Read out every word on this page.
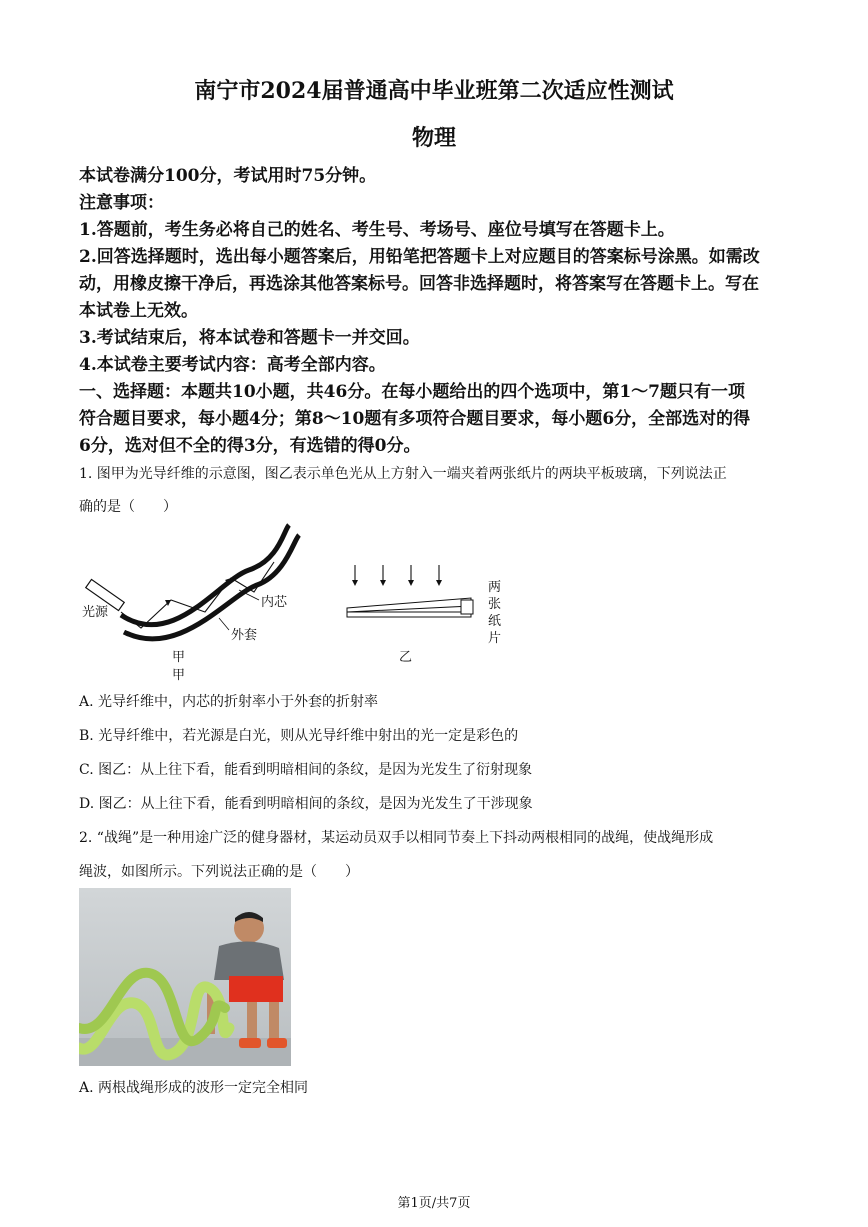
南宁市2024届普通高中毕业班第二次适应性测试
物理
本试卷满分100分，考试用时75分钟。
注意事项：
1.答题前，考生务必将自己的姓名、考生号、考场号、座位号填写在答题卡上。
2.回答选择题时，选出每小题答案后，用铅笔把答题卡上对应题目的答案标号涂黑。如需改
动，用橡皮擦干净后，再选涂其他答案标号。回答非选择题时，将答案写在答题卡上。写在
本试卷上无效。
3.考试结束后，将本试卷和答题卡一并交回。
4.本试卷主要考试内容：高考全部内容。
一、选择题：本题共10小题，共46分。在每小题给出的四个选项中，第1～7题只有一项
符合题目要求，每小题4分；第8～10题有多项符合题目要求，每小题6分，全部选对的得
6分，选对但不全的得3分，有选错的得0分。
1. 图甲为光导纤维的示意图，图乙表示单色光从上方射入一端夹着两张纸片的两块平板玻璃，下列说法正
确的是（　　）
光源
内芯
外套
甲
甲
乙
两
张
纸
片
A. 光导纤维中，内芯的折射率小于外套的折射率
B. 光导纤维中，若光源是白光，则从光导纤维中射出的光一定是彩色的
C. 图乙：从上往下看，能看到明暗相间的条纹，是因为光发生了衍射现象
D. 图乙：从上往下看，能看到明暗相间的条纹，是因为光发生了干涉现象
2. “战绳”是一种用途广泛的健身器材，某运动员双手以相同节奏上下抖动两根相同的战绳，使战绳形成
绳波，如图所示。下列说法正确的是（　　）
A. 两根战绳形成的波形一定完全相同
第1页/共7页
